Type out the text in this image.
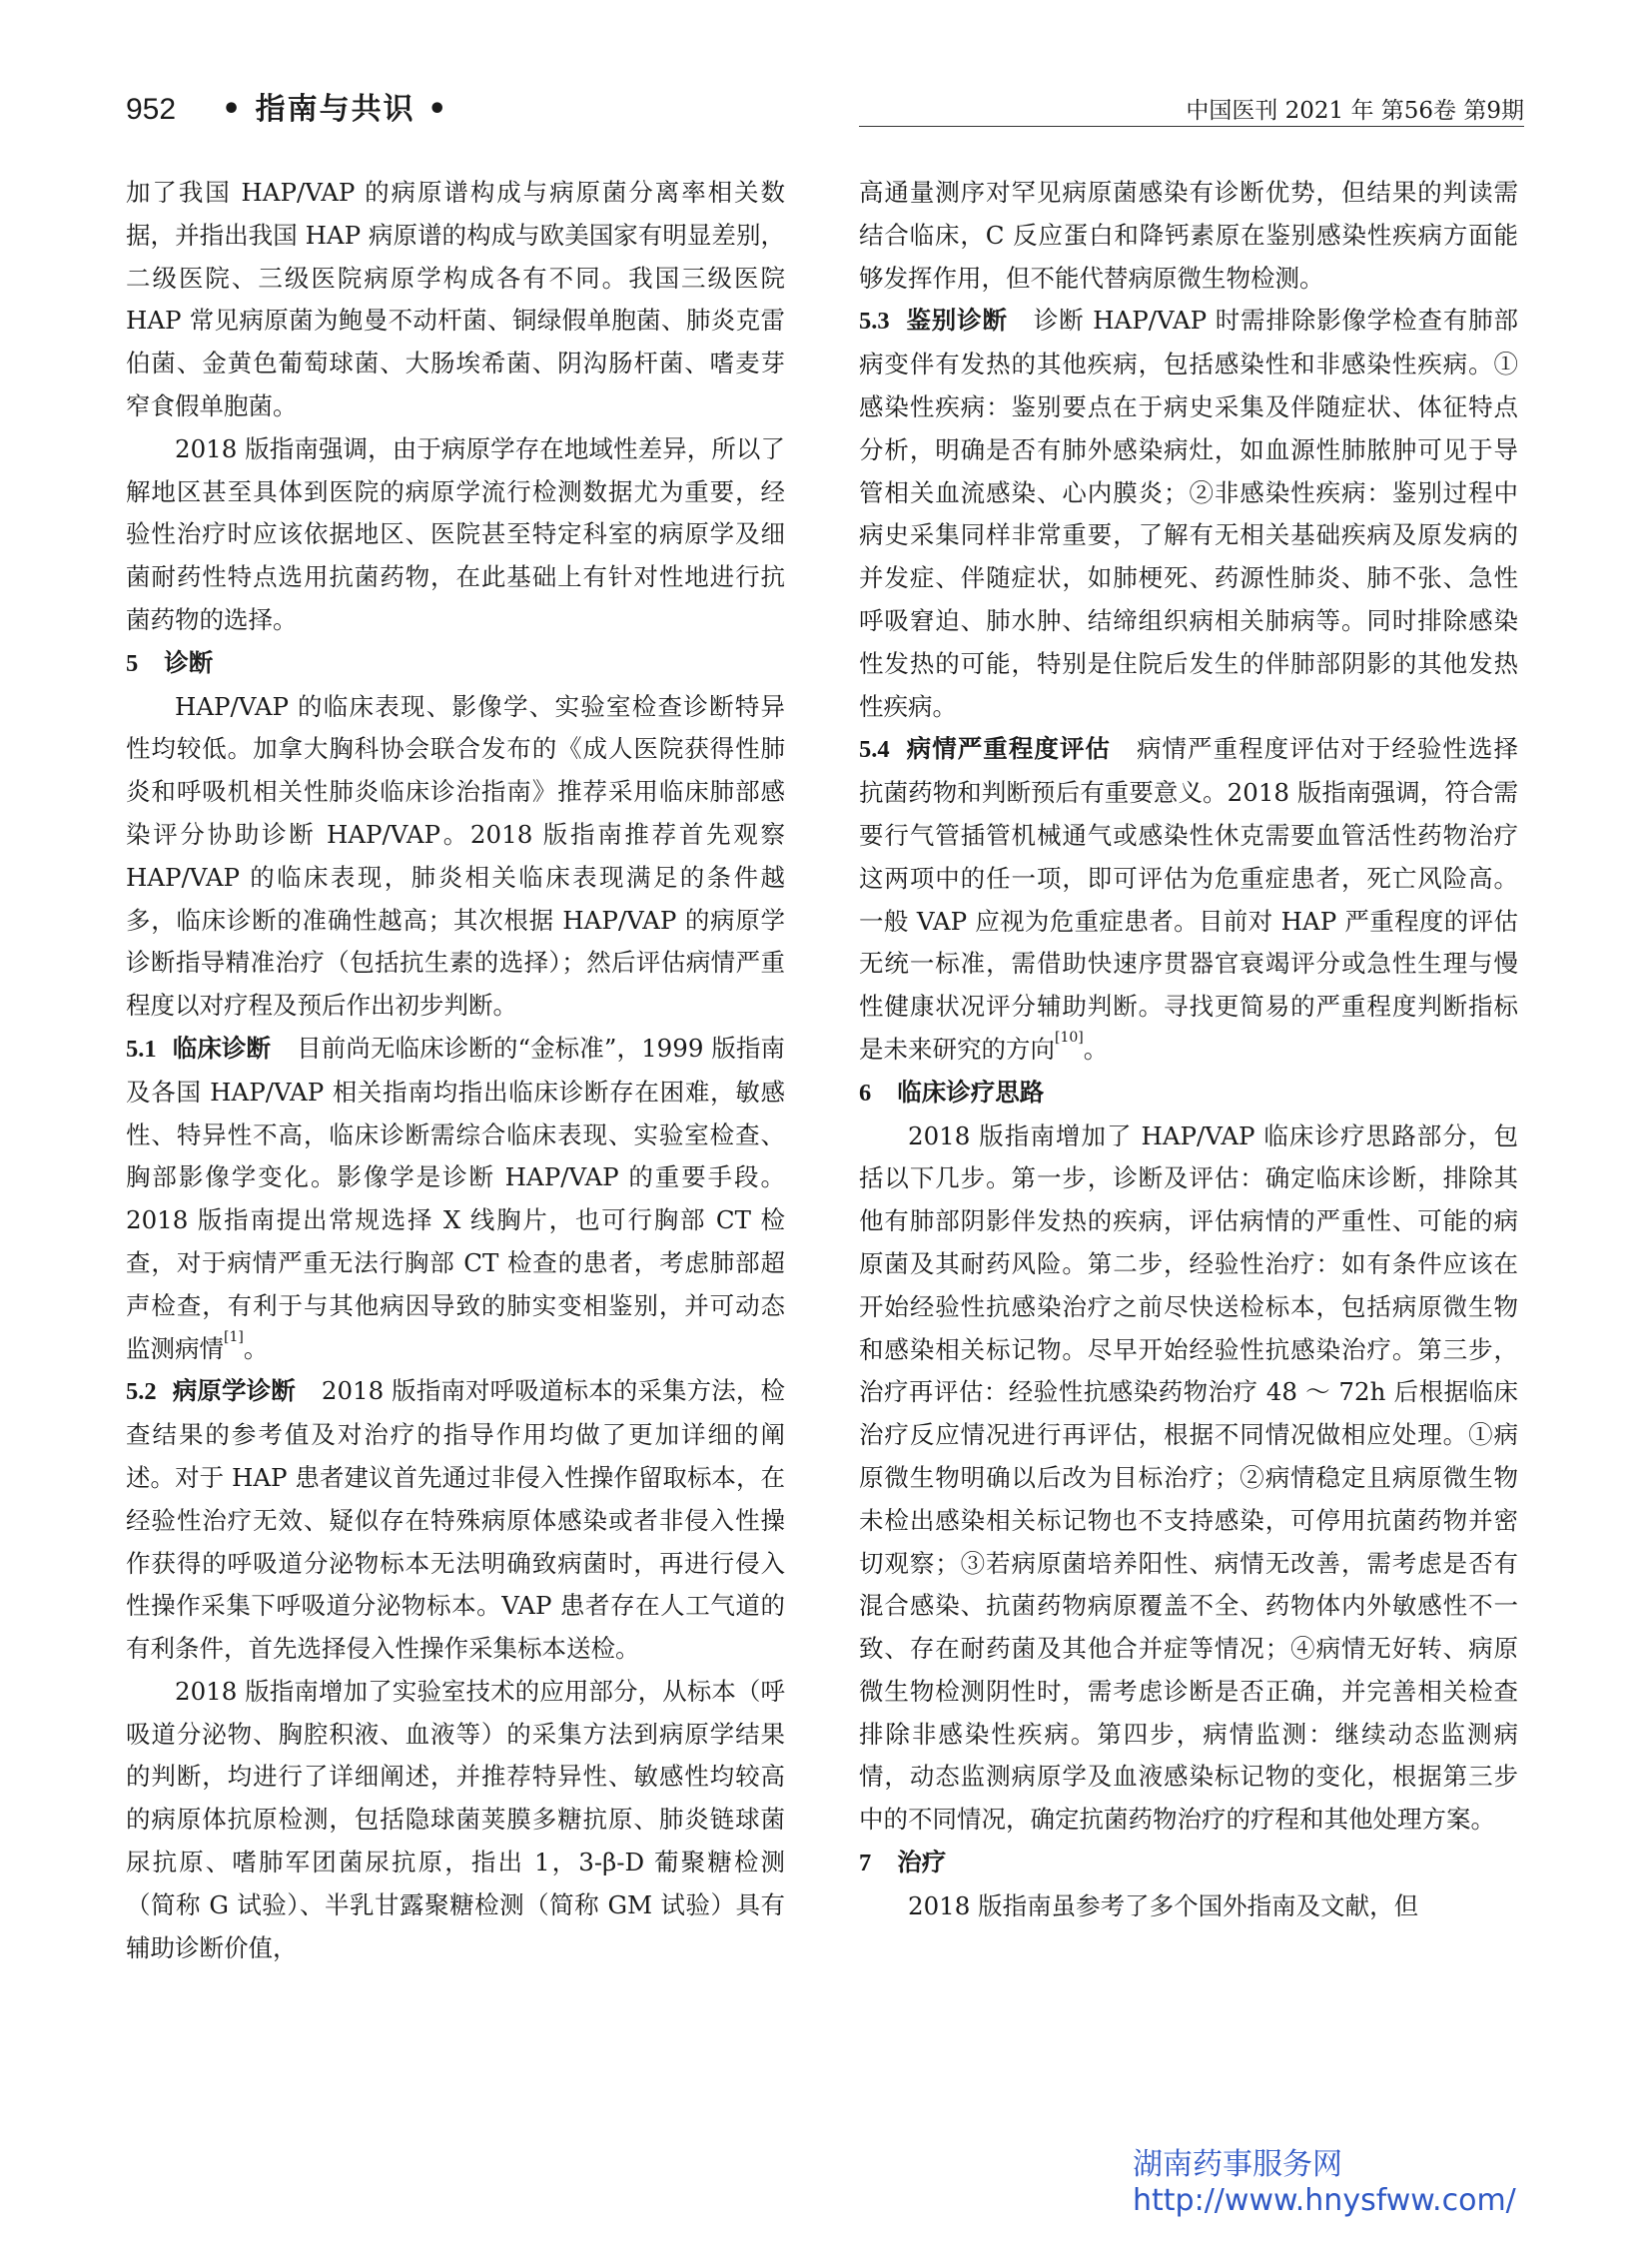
952 • 指南与共识 •	中国医刊 2021 年 第56卷 第9期

加了我国 HAP/VAP 的病原谱构成与病原菌分离率相关数据，并指出我国 HAP 病原谱的构成与欧美国家有明显差别，二级医院、三级医院病原学构成各有不同。我国三级医院 HAP 常见病原菌为鲍曼不动杆菌、铜绿假单胞菌、肺炎克雷伯菌、金黄色葡萄球菌、大肠埃希菌、阴沟肠杆菌、嗜麦芽窄食假单胞菌。

2018 版指南强调，由于病原学存在地域性差异，所以了解地区甚至具体到医院的病原学流行检测数据尤为重要，经验性治疗时应该依据地区、医院甚至特定科室的病原学及细菌耐药性特点选用抗菌药物，在此基础上有针对性地进行抗菌药物的选择。

5 诊断

HAP/VAP 的临床表现、影像学、实验室检查诊断特异性均较低。加拿大胸科协会联合发布的《成人医院获得性肺炎和呼吸机相关性肺炎临床诊治指南》推荐采用临床肺部感染评分协助诊断 HAP/VAP。2018 版指南推荐首先观察 HAP/VAP 的临床表现，肺炎相关临床表现满足的条件越多，临床诊断的准确性越高；其次根据 HAP/VAP 的病原学诊断指导精准治疗（包括抗生素的选择）；然后评估病情严重程度以对疗程及预后作出初步判断。

5.1 临床诊断 目前尚无临床诊断的“金标准”，1999 版指南及各国 HAP/VAP 相关指南均指出临床诊断存在困难，敏感性、特异性不高，临床诊断需综合临床表现、实验室检查、胸部影像学变化。影像学是诊断 HAP/VAP 的重要手段。2018 版指南提出常规选择 X 线胸片，也可行胸部 CT 检查，对于病情严重无法行胸部 CT 检查的患者，考虑肺部超声检查，有利于与其他病因导致的肺实变相鉴别，并可动态监测病情[1]。

5.2 病原学诊断 2018 版指南对呼吸道标本的采集方法，检查结果的参考值及对治疗的指导作用均做了更加详细的阐述。对于 HAP 患者建议首先通过非侵入性操作留取标本，在经验性治疗无效、疑似存在特殊病原体感染或者非侵入性操作获得的呼吸道分泌物标本无法明确致病菌时，再进行侵入性操作采集下呼吸道分泌物标本。VAP 患者存在人工气道的有利条件，首先选择侵入性操作采集标本送检。

2018 版指南增加了实验室技术的应用部分，从标本（呼吸道分泌物、胸腔积液、血液等）的采集方法到病原学结果的判断，均进行了详细阐述，并推荐特异性、敏感性均较高的病原体抗原检测，包括隐球菌荚膜多糖抗原、肺炎链球菌尿抗原、嗜肺军团菌尿抗原，指出 1，3-β-D 葡聚糖检测（简称 G 试验）、半乳甘露聚糖检测（简称 GM 试验）具有辅助诊断价值，

高通量测序对罕见病原菌感染有诊断优势，但结果的判读需结合临床，C 反应蛋白和降钙素原在鉴别感染性疾病方面能够发挥作用，但不能代替病原微生物检测。

5.3 鉴别诊断 诊断 HAP/VAP 时需排除影像学检查有肺部病变伴有发热的其他疾病，包括感染性和非感染性疾病。①感染性疾病：鉴别要点在于病史采集及伴随症状、体征特点分析，明确是否有肺外感染病灶，如血源性肺脓肿可见于导管相关血流感染、心内膜炎；②非感染性疾病：鉴别过程中病史采集同样非常重要，了解有无相关基础疾病及原发病的并发症、伴随症状，如肺梗死、药源性肺炎、肺不张、急性呼吸窘迫、肺水肿、结缔组织病相关肺病等。同时排除感染性发热的可能，特别是住院后发生的伴肺部阴影的其他发热性疾病。

5.4 病情严重程度评估 病情严重程度评估对于经验性选择抗菌药物和判断预后有重要意义。2018 版指南强调，符合需要行气管插管机械通气或感染性休克需要血管活性药物治疗这两项中的任一项，即可评估为危重症患者，死亡风险高。一般 VAP 应视为危重症患者。目前对 HAP 严重程度的评估无统一标准，需借助快速序贯器官衰竭评分或急性生理与慢性健康状况评分辅助判断。寻找更简易的严重程度判断指标是未来研究的方向[10]。

6 临床诊疗思路

2018 版指南增加了 HAP/VAP 临床诊疗思路部分，包括以下几步。第一步，诊断及评估：确定临床诊断，排除其他有肺部阴影伴发热的疾病，评估病情的严重性、可能的病原菌及其耐药风险。第二步，经验性治疗：如有条件应该在开始经验性抗感染治疗之前尽快送检标本，包括病原微生物和感染相关标记物。尽早开始经验性抗感染治疗。第三步，治疗再评估：经验性抗感染药物治疗 48 ～ 72h 后根据临床治疗反应情况进行再评估，根据不同情况做相应处理。①病原微生物明确以后改为目标治疗；②病情稳定且病原微生物未检出感染相关标记物也不支持感染，可停用抗菌药物并密切观察；③若病原菌培养阳性、病情无改善，需考虑是否有混合感染、抗菌药物病原覆盖不全、药物体内外敏感性不一致、存在耐药菌及其他合并症等情况；④病情无好转、病原微生物检测阴性时，需考虑诊断是否正确，并完善相关检查排除非感染性疾病。第四步，病情监测：继续动态监测病情，动态监测病原学及血液感染标记物的变化，根据第三步中的不同情况，确定抗菌药物治疗的疗程和其他处理方案。

7 治疗

2018 版指南虽参考了多个国外指南及文献，但

湖南药事服务网
http://www.hnysfww.com/
